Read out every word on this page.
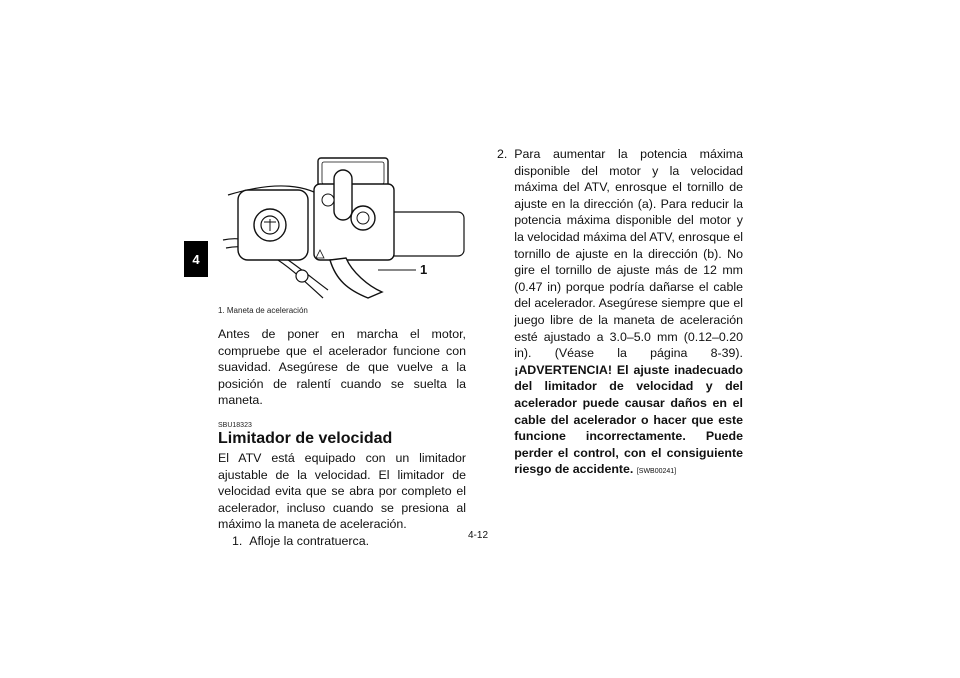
4
1
1. Maneta de aceleración

Antes de poner en marcha el motor, compruebe que el acelerador funcione con suavidad. Asegúrese de que vuelve a la posición de ralentí cuando se suelta la maneta.

SBU18323
Limitador de velocidad

El ATV está equipado con un limitador ajustable de la velocidad. El limitador de velocidad evita que se abra por completo el acelerador, incluso cuando se presiona al máximo la maneta de aceleración.

1.
Afloje la contratuerca.
2.
Para aumentar la potencia máxima disponible del motor y la velocidad máxima del ATV, enrosque el tornillo de ajuste en la dirección (a). Para reducir la potencia máxima disponible del motor y la velocidad máxima del ATV, enrosque el tornillo de ajuste en la dirección (b). No gire el tornillo de ajuste más de 12 mm (0.47 in) porque podría dañarse el cable del acelerador. Asegúrese siempre que el juego libre de la maneta de aceleración esté ajustado a 3.0–5.0 mm (0.12–0.20 in). (Véase la página 8-39). ¡ADVERTENCIA! El ajuste inadecuado del limitador de velocidad y del acelerador puede causar daños en el cable del acelerador o hacer que este funcione incorrectamente. Puede perder el control, con el consiguiente riesgo de accidente. [SWB00241]
4-12
